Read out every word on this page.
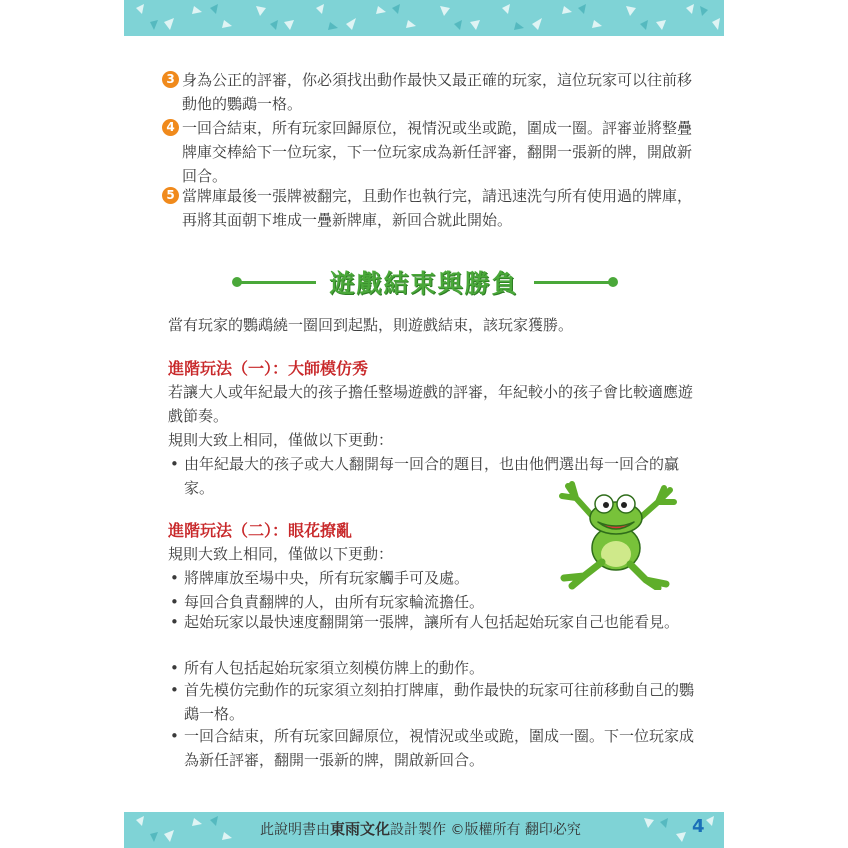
3 身為公正的評審，你必須找出動作最快又最正確的玩家，這位玩家可以往前移動他的鸚鵡一格。
4 一回合結束，所有玩家回歸原位，視情況或坐或跪，圍成一圈。評審並將整疊牌庫交棒給下一位玩家，下一位玩家成為新任評審，翻開一張新的牌，開啟新回合。
5 當牌庫最後一張牌被翻完，且動作也執行完，請迅速洗勻所有使用過的牌庫，再將其面朝下堆成一疊新牌庫，新回合就此開始。
遊戲結束與勝負
當有玩家的鸚鵡繞一圈回到起點，則遊戲結束，該玩家獲勝。
進階玩法（一）：大師模仿秀
若讓大人或年紀最大的孩子擔任整場遊戲的評審，年紀較小的孩子會比較適應遊戲節奏。
規則大致上相同，僅做以下更動：
• 由年紀最大的孩子或大人翻開每一回合的題目，也由他們選出每一回合的贏家。
進階玩法（二）：眼花撩亂
規則大致上相同，僅做以下更動：
• 將牌庫放至場中央，所有玩家觸手可及處。
• 每回合負責翻牌的人，由所有玩家輪流擔任。
• 起始玩家以最快速度翻開第一張牌，讓所有人包括起始玩家自己也能看見。
• 所有人包括起始玩家須立刻模仿牌上的動作。
• 首先模仿完動作的玩家須立刻拍打牌庫，動作最快的玩家可往前移動自己的鸚鵡一格。
• 一回合結束，所有玩家回歸原位，視情況或坐或跪，圍成一圈。下一位玩家成為新任評審，翻開一張新的牌，開啟新回合。
此說明書由東雨文化設計製作 ©版權所有 翻印必究	4
